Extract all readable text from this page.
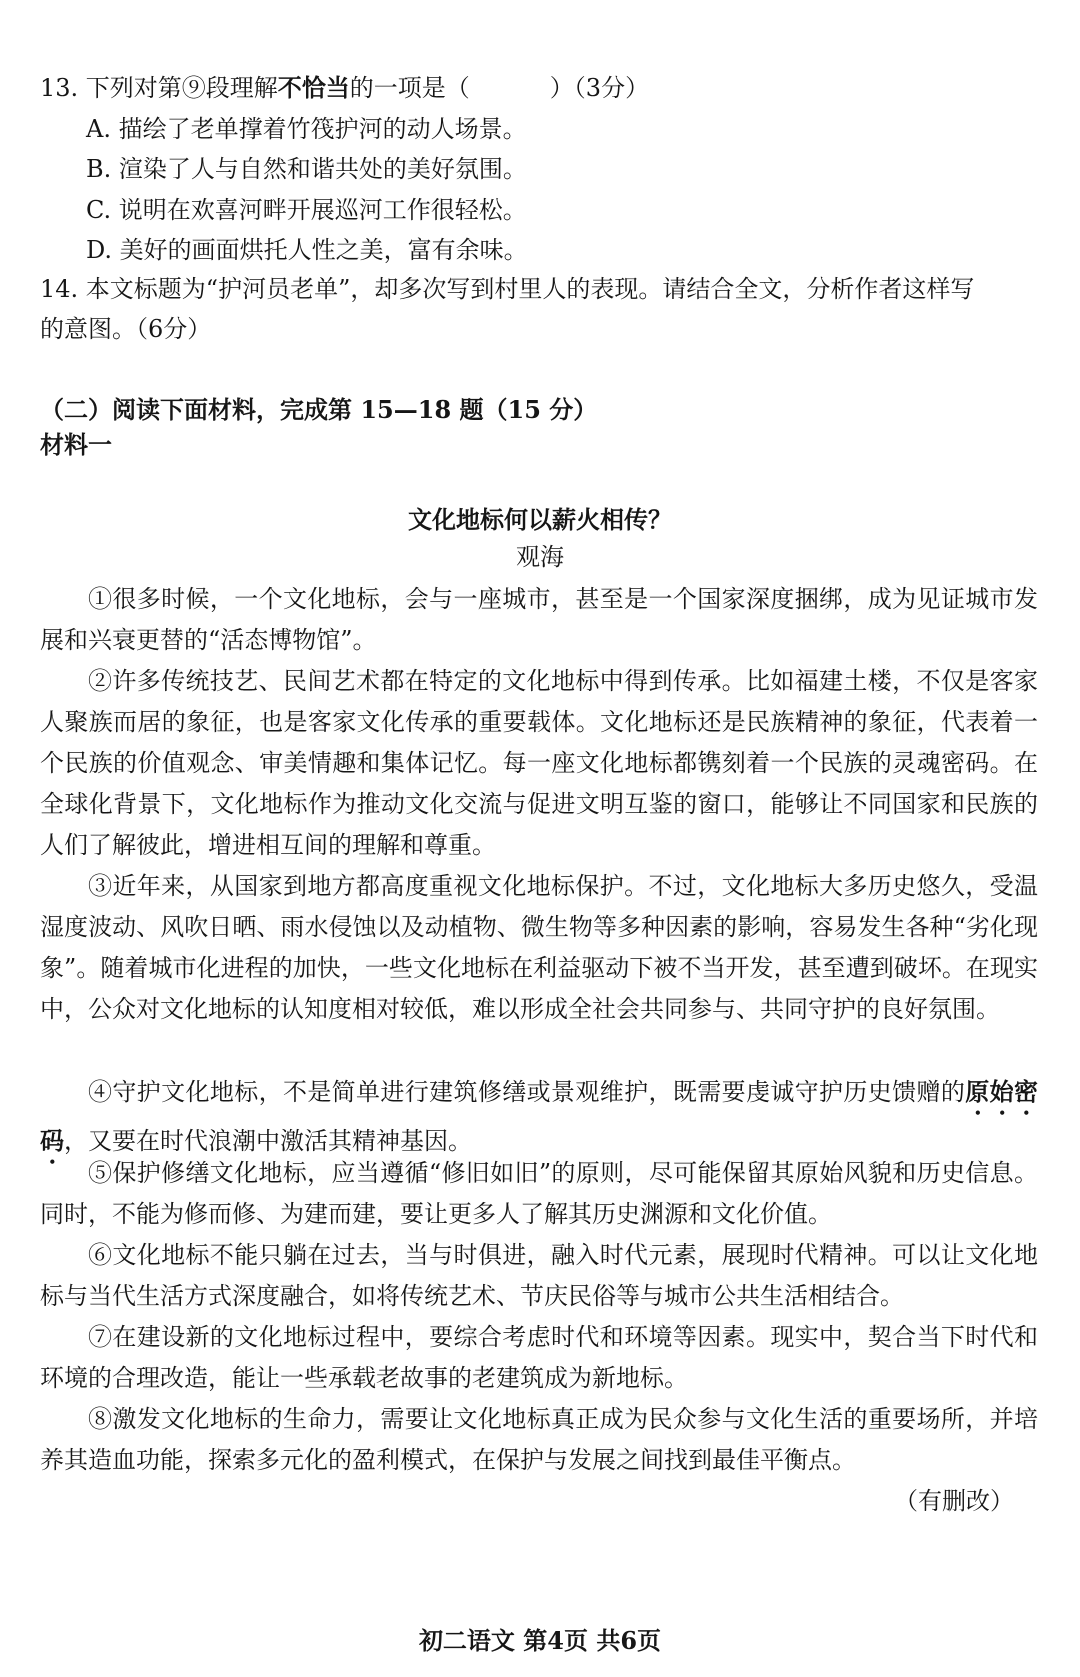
13. 下列对第⑨段理解不恰当的一项是（	）（3分）
A. 描绘了老单撑着竹筏护河的动人场景。
B. 渲染了人与自然和谐共处的美好氛围。
C. 说明在欢喜河畔开展巡河工作很轻松。
D. 美好的画面烘托人性之美，富有余味。
14. 本文标题为“护河员老单”，却多次写到村里人的表现。请结合全文，分析作者这样写
的意图。（6分）
（二）阅读下面材料，完成第 15—18 题（15 分）
材料一
文化地标何以薪火相传？
观海
①很多时候，一个文化地标，会与一座城市，甚至是一个国家深度捆绑，成为见证城市发展和兴衰更替的“活态博物馆”。
②许多传统技艺、民间艺术都在特定的文化地标中得到传承。比如福建土楼，不仅是客家人聚族而居的象征，也是客家文化传承的重要载体。文化地标还是民族精神的象征，代表着一个民族的价值观念、审美情趣和集体记忆。每一座文化地标都镌刻着一个民族的灵魂密码。在全球化背景下，文化地标作为推动文化交流与促进文明互鉴的窗口，能够让不同国家和民族的人们了解彼此，增进相互间的理解和尊重。
③近年来，从国家到地方都高度重视文化地标保护。不过，文化地标大多历史悠久，受温湿度波动、风吹日晒、雨水侵蚀以及动植物、微生物等多种因素的影响，容易发生各种“劣化现象”。随着城市化进程的加快，一些文化地标在利益驱动下被不当开发，甚至遭到破坏。在现实中，公众对文化地标的认知度相对较低，难以形成全社会共同参与、共同守护的良好氛围。
④守护文化地标，不是简单进行建筑修缮或景观维护，既需要虔诚守护历史馈赠的原始密码，又要在时代浪潮中激活其精神基因。
⑤保护修缮文化地标，应当遵循“修旧如旧”的原则，尽可能保留其原始风貌和历史信息。同时，不能为修而修、为建而建，要让更多人了解其历史渊源和文化价值。
⑥文化地标不能只躺在过去，当与时俱进，融入时代元素，展现时代精神。可以让文化地标与当代生活方式深度融合，如将传统艺术、节庆民俗等与城市公共生活相结合。
⑦在建设新的文化地标过程中，要综合考虑时代和环境等因素。现实中，契合当下时代和环境的合理改造，能让一些承载老故事的老建筑成为新地标。
⑧激发文化地标的生命力，需要让文化地标真正成为民众参与文化生活的重要场所，并培养其造血功能，探索多元化的盈利模式，在保护与发展之间找到最佳平衡点。
（有删改）
初二语文 第4页 共6页
